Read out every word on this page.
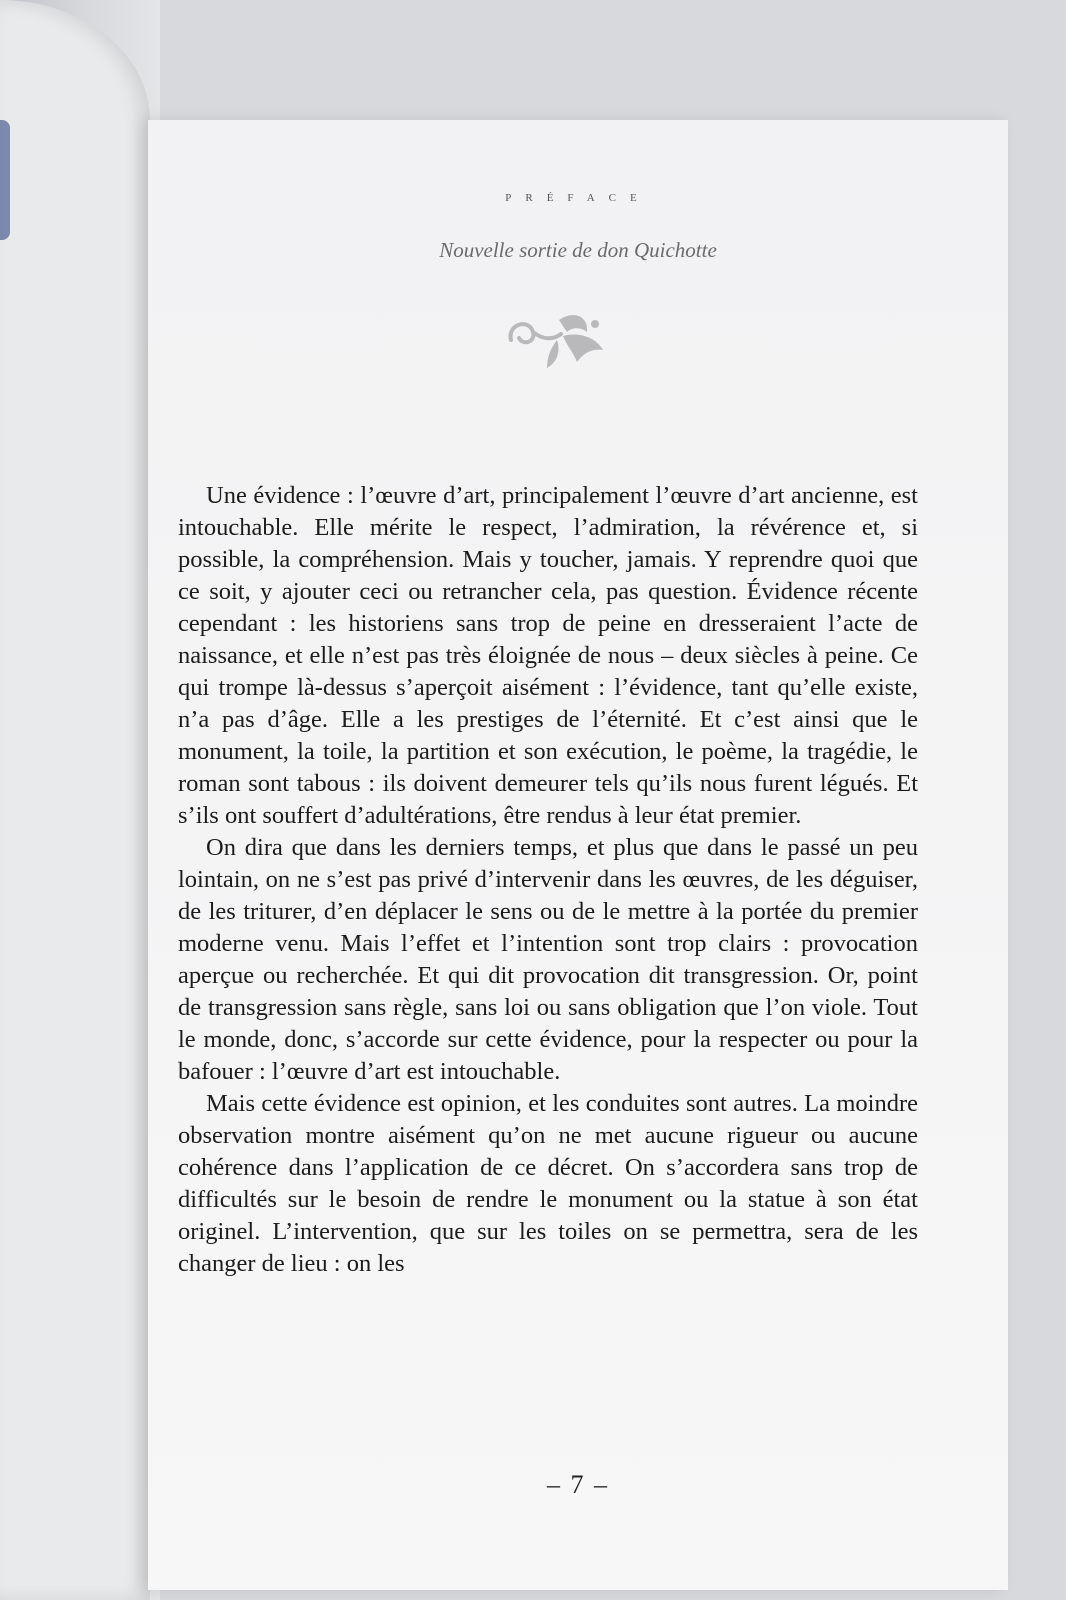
PRÉFACE
Nouvelle sortie de don Quichotte

Une évidence : l’œuvre d’art, principalement l’œuvre d’art ancienne, est intouchable. Elle mérite le respect, l’admiration, la révérence et, si possible, la compréhension. Mais y toucher, jamais. Y reprendre quoi que ce soit, y ajouter ceci ou retrancher cela, pas question. Évidence récente cependant : les historiens sans trop de peine en dresseraient l’acte de naissance, et elle n’est pas très éloignée de nous – deux siècles à peine. Ce qui trompe là-dessus s’aperçoit aisément : l’évidence, tant qu’elle existe, n’a pas d’âge. Elle a les prestiges de l’éternité. Et c’est ainsi que le monument, la toile, la partition et son exécution, le poème, la tragédie, le roman sont tabous : ils doivent demeurer tels qu’ils nous furent légués. Et s’ils ont souffert d’adultérations, être rendus à leur état premier.

On dira que dans les derniers temps, et plus que dans le passé un peu lointain, on ne s’est pas privé d’intervenir dans les œuvres, de les déguiser, de les triturer, d’en déplacer le sens ou de le mettre à la portée du premier moderne venu. Mais l’effet et l’intention sont trop clairs : provocation aperçue ou recherchée. Et qui dit provocation dit transgression. Or, point de transgression sans règle, sans loi ou sans obligation que l’on viole. Tout le monde, donc, s’accorde sur cette évidence, pour la respecter ou pour la bafouer : l’œuvre d’art est intouchable.

Mais cette évidence est opinion, et les conduites sont autres. La moindre observation montre aisément qu’on ne met aucune rigueur ou aucune cohérence dans l’application de ce décret. On s’accordera sans trop de difficultés sur le besoin de rendre le monument ou la statue à son état originel. L’intervention, que sur les toiles on se permettra, sera de les changer de lieu : on les

– 7 –
